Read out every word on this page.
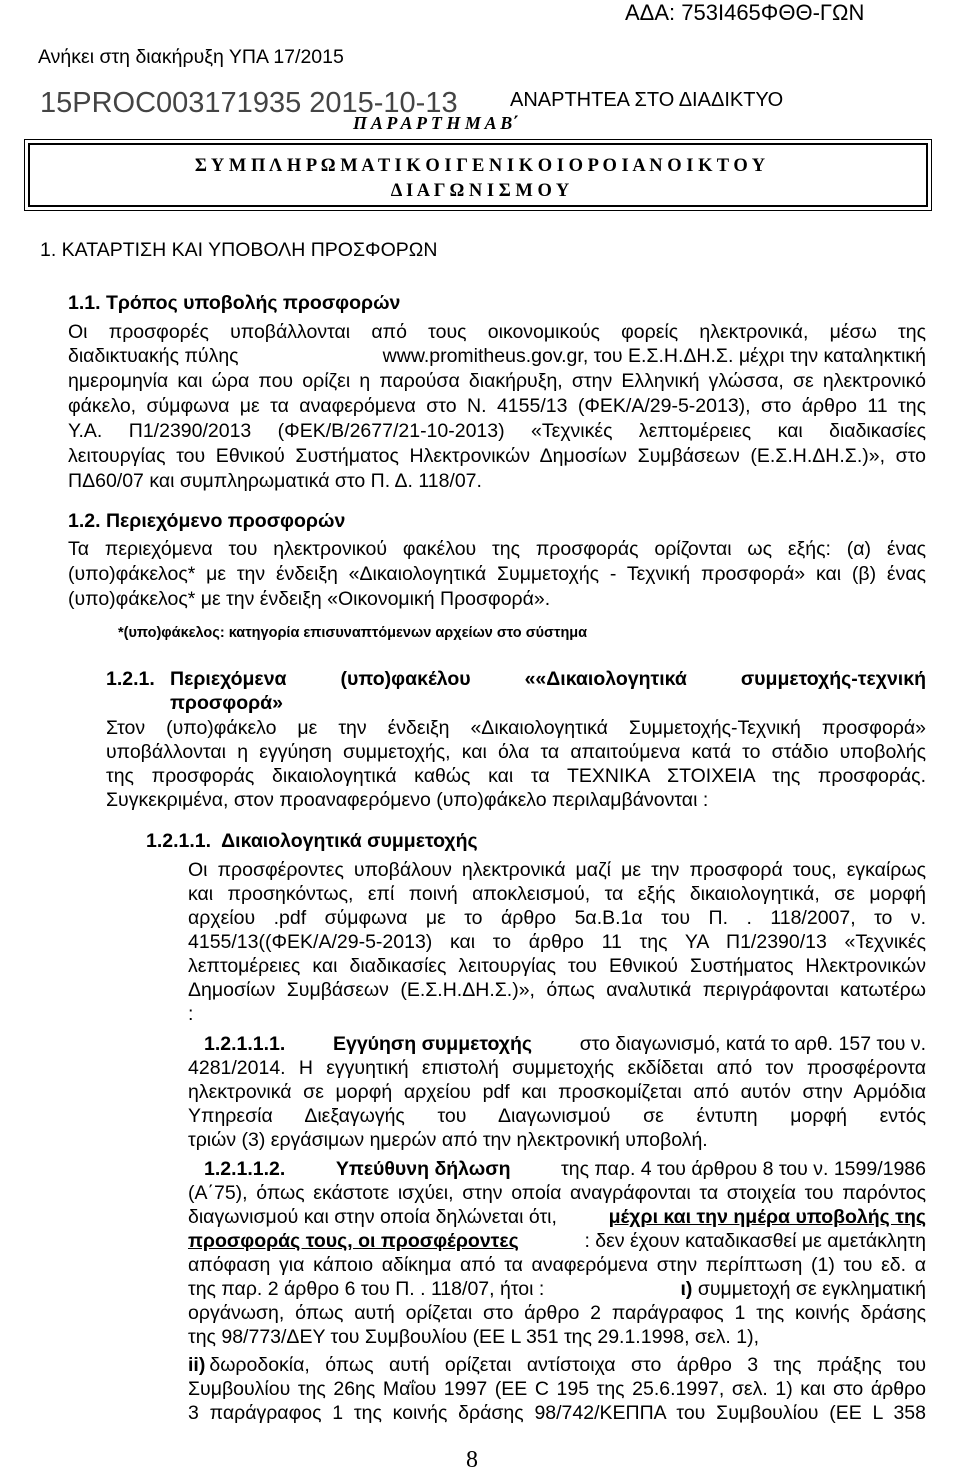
ΑΔΑ: 753Ι465ΦΘΘ-ΓΩΝ
Ανήκει στη διακήρυξη ΥΠΑ 17/2015
15PROC003171935 2015-10-13	ΑΝΑΡΤΗΤΕΑ ΣΤΟ ΔΙΑΔΙΚΤΥΟ
Π Α Ρ Α Ρ Τ Η Μ Α Β΄
Σ Υ Μ Π Λ Η Ρ Ω Μ Α Τ Ι Κ Ο Ι Γ Ε Ν Ι Κ Ο Ι Ο Ρ Ο Ι Α Ν Ο Ι Κ Τ Ο Υ
Δ Ι Α Γ Ω Ν Ι Σ Μ Ο Υ
1. ΚΑΤΑΡΤΙΣΗ ΚΑΙ ΥΠΟΒΟΛΗ ΠΡΟΣΦΟΡΩΝ
1.1. Τρόπος υποβολής προσφορών
Οι προσφορές υποβάλλονται από τους οικονομικούς φορείς ηλεκτρονικά, μέσω της
διαδικτυακής πύλης	www.promitheus.gov.gr, του Ε.Σ.Η.ΔΗ.Σ. μέχρι την καταληκτική
ημερομηνία και ώρα που ορίζει η παρούσα διακήρυξη, στην Ελληνική γλώσσα, σε ηλεκτρονικό
φάκελο, σύμφωνα με τα αναφερόμενα στο Ν. 4155/13 (ΦΕΚ/Α/29-5-2013), στο άρθρο 11 της
Υ.Α. Π1/2390/2013 (ΦΕΚ/Β/2677/21-10-2013) «Τεχνικές λεπτομέρειες και διαδικασίες
λειτουργίας του Εθνικού Συστήματος Ηλεκτρονικών Δημοσίων Συμβάσεων (Ε.Σ.Η.ΔΗ.Σ.)», στο
ΠΔ60/07 και συμπληρωματικά στο Π. Δ. 118/07.
1.2. Περιεχόμενο προσφορών
Τα περιεχόμενα του ηλεκτρονικού φακέλου της προσφοράς ορίζονται ως εξής: (α) ένας
(υπο)φάκελος* με την ένδειξη «Δικαιολογητικά Συμμετοχής - Τεχνική προσφορά» και (β) ένας
(υπο)φάκελος* με την ένδειξη «Οικονομική Προσφορά».
*(υπο)φάκελος: κατηγορία επισυναπτόμενων αρχείων στο σύστημα
1.2.1. Περιεχόμενα (υπο)φακέλου ««Δικαιολογητικά συμμετοχής-τεχνική
προσφορά»
Στον (υπο)φάκελο με την ένδειξη «Δικαιολογητικά Συμμετοχής-Τεχνική προσφορά»
υποβάλλονται η εγγύηση συμμετοχής, και όλα τα απαιτούμενα κατά το στάδιο υποβολής
της προσφοράς δικαιολογητικά καθώς και τα ΤΕΧΝΙΚΑ ΣΤΟΙΧΕΙΑ της προσφοράς.
Συγκεκριμένα, στον προαναφερόμενο (υπο)φάκελο περιλαμβάνονται :
1.2.1.1.  Δικαιολογητικά συμμετοχής
Οι προσφέροντες υποβάλουν ηλεκτρονικά μαζί με την προσφορά τους, εγκαίρως
και προσηκόντως, επί ποινή αποκλεισμού, τα εξής δικαιολογητικά, σε μορφή
αρχείου .pdf σύμφωνα με το άρθρο 5α.Β.1α του Π. . 118/2007, το ν.
4155/13((ΦΕΚ/Α/29-5-2013) και το άρθρο 11 της ΥΑ Π1/2390/13 «Τεχνικές
λεπτομέρειες και διαδικασίες λειτουργίας του Εθνικού Συστήματος Ηλεκτρονικών
Δημοσίων Συμβάσεων (Ε.Σ.Η.ΔΗ.Σ.)», όπως αναλυτικά περιγράφονται κατωτέρω
:
1.2.1.1.1. Εγγύηση συμμετοχής στο διαγωνισμό, κατά το αρθ. 157 του ν.
4281/2014. Η εγγυητική επιστολή συμμετοχής εκδίδεται από τον προσφέροντα
ηλεκτρονικά σε μορφή αρχείου pdf και προσκομίζεται από αυτόν στην Αρμόδια
Υπηρεσία Διεξαγωγής του Διαγωνισμού σε έντυπη μορφή εντός
τριών (3) εργάσιμων ημερών από την ηλεκτρονική υποβολή.
1.2.1.1.2.	Υπεύθυνη δήλωση	της παρ. 4 του άρθρου 8 του ν. 1599/1986
(Α΄75), όπως εκάστοτε ισχύει, στην οποία αναγράφονται τα στοιχεία του παρόντος
διαγωνισμού και στην οποία δηλώνεται ότι,	μέχρι και την ημέρα υποβολής της
προσφοράς τους, οι προσφέροντες	: δεν έχουν καταδικασθεί με αμετάκλητη
απόφαση για κάποιο αδίκημα από τα αναφερόμενα στην περίπτωση (1) του εδ. α
της παρ. 2 άρθρο 6 του Π. . 118/07, ήτοι :	ι) συμμετοχή σε εγκληματική
οργάνωση, όπως αυτή ορίζεται στο άρθρο 2 παράγραφος 1 της κοινής δράσης
της 98/773/ΔΕΥ του Συμβουλίου (ΕΕ L 351 της 29.1.1998, σελ. 1),
ii) δωροδοκία, όπως αυτή ορίζεται αντίστοιχα στο άρθρο 3 της πράξης του
Συμβουλίου της 26ης Μαΐου 1997 (ΕΕ C 195 της 25.6.1997, σελ. 1) και στο άρθρο
3 παράγραφος 1 της κοινής δράσης 98/742/ΚΕΠΠΑ του Συμβουλίου (ΕΕ L 358
8
